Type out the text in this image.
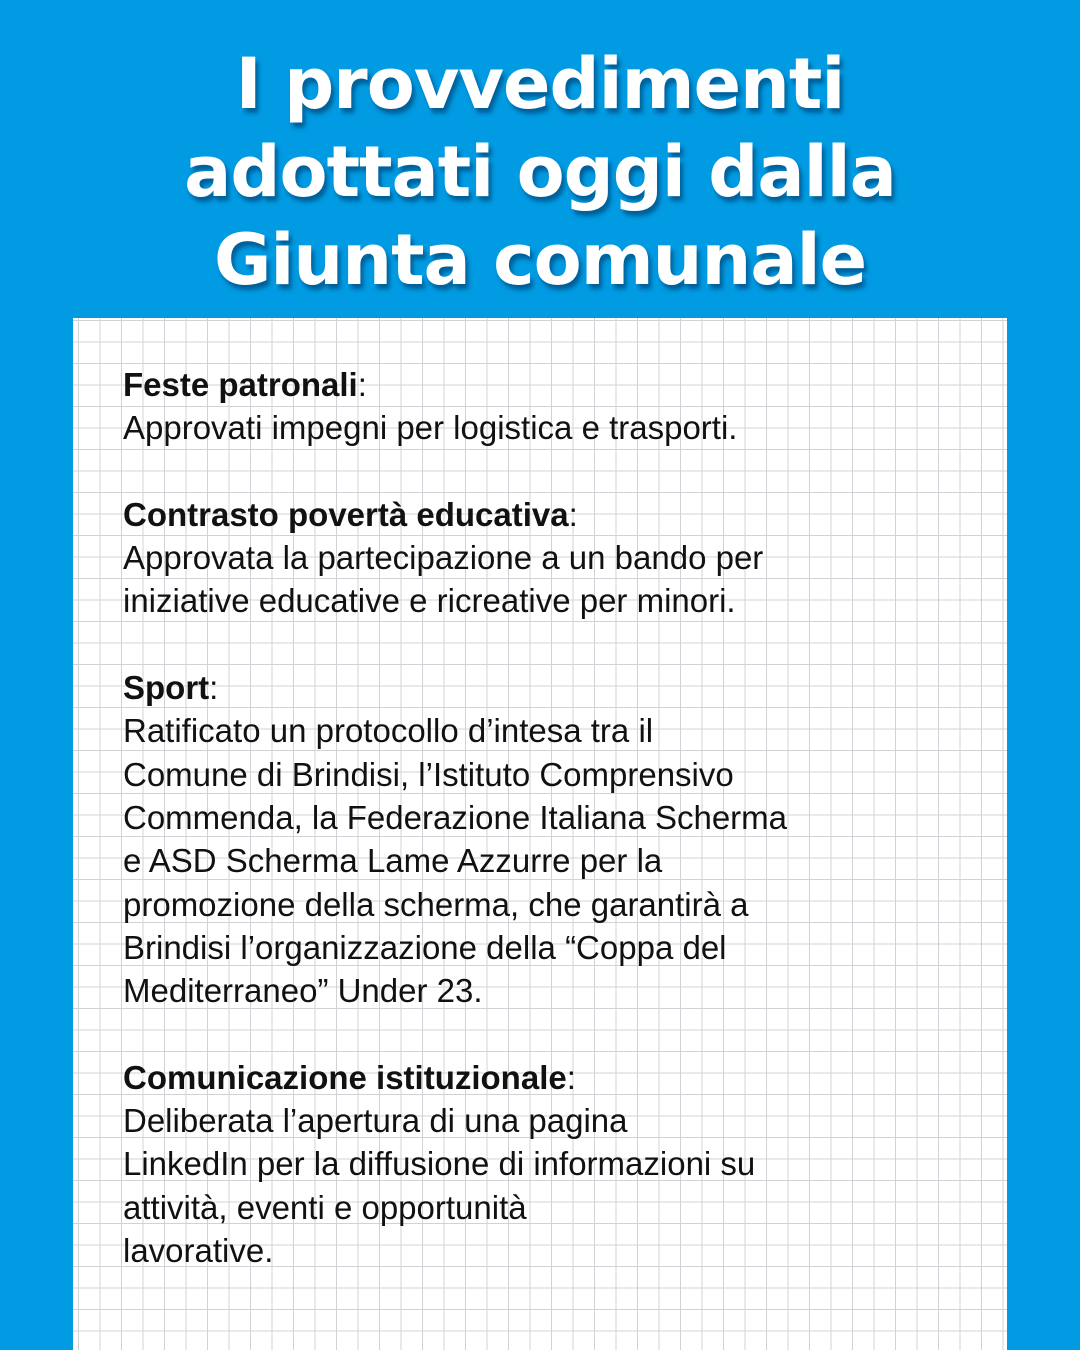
I provvedimenti
adottati oggi dalla
Giunta comunale
Feste patronali:
Approvati impegni per logistica e trasporti.
Contrasto povertà educativa:
Approvata la partecipazione a un bando per
iniziative educative e ricreative per minori.
Sport:
Ratificato un protocollo d’intesa tra il
Comune di Brindisi, l’Istituto Comprensivo
Commenda, la Federazione Italiana Scherma
e ASD Scherma Lame Azzurre per la
promozione della scherma, che garantirà a
Brindisi l’organizzazione della “Coppa del
Mediterraneo” Under 23.
Comunicazione istituzionale:
Deliberata l’apertura di una pagina
LinkedIn per la diffusione di informazioni su
attività, eventi e opportunità
lavorative.
